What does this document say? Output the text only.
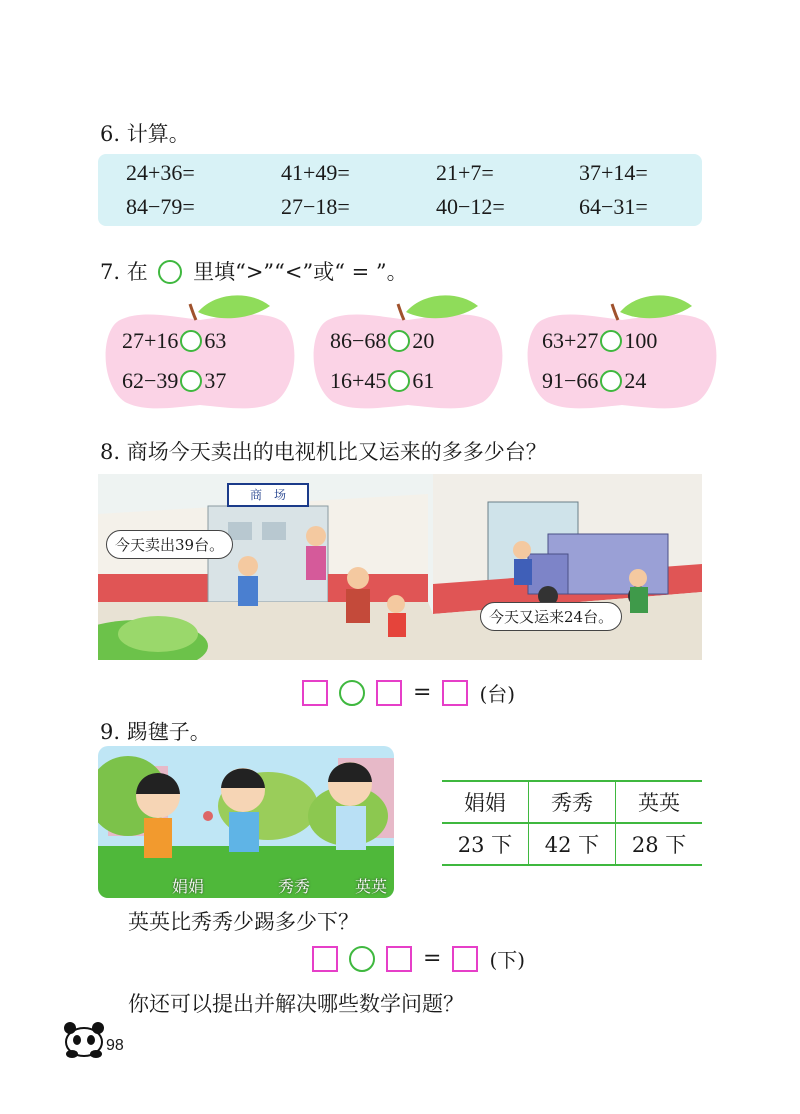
6. 计算。
24+36=	41+49=	21+7=	37+14=
84−79=	27−18=	40−12=	64−31=
7. 在 里填“>”“<”或“ = ”。
27+16 63
62−39 37
86−68 20
16+45 61
63+27 100
91−66 24
8. 商场今天卖出的电视机比又运来的多多少台？
商　场
今天卖出39台。
今天又运来24台。
= (台)
9. 踢毽子。
娟娟	秀秀	英英
娟娟	秀秀	英英
23 下	42 下	28 下
英英比秀秀少踢多少下？
= (下)
你还可以提出并解决哪些数学问题？
98
